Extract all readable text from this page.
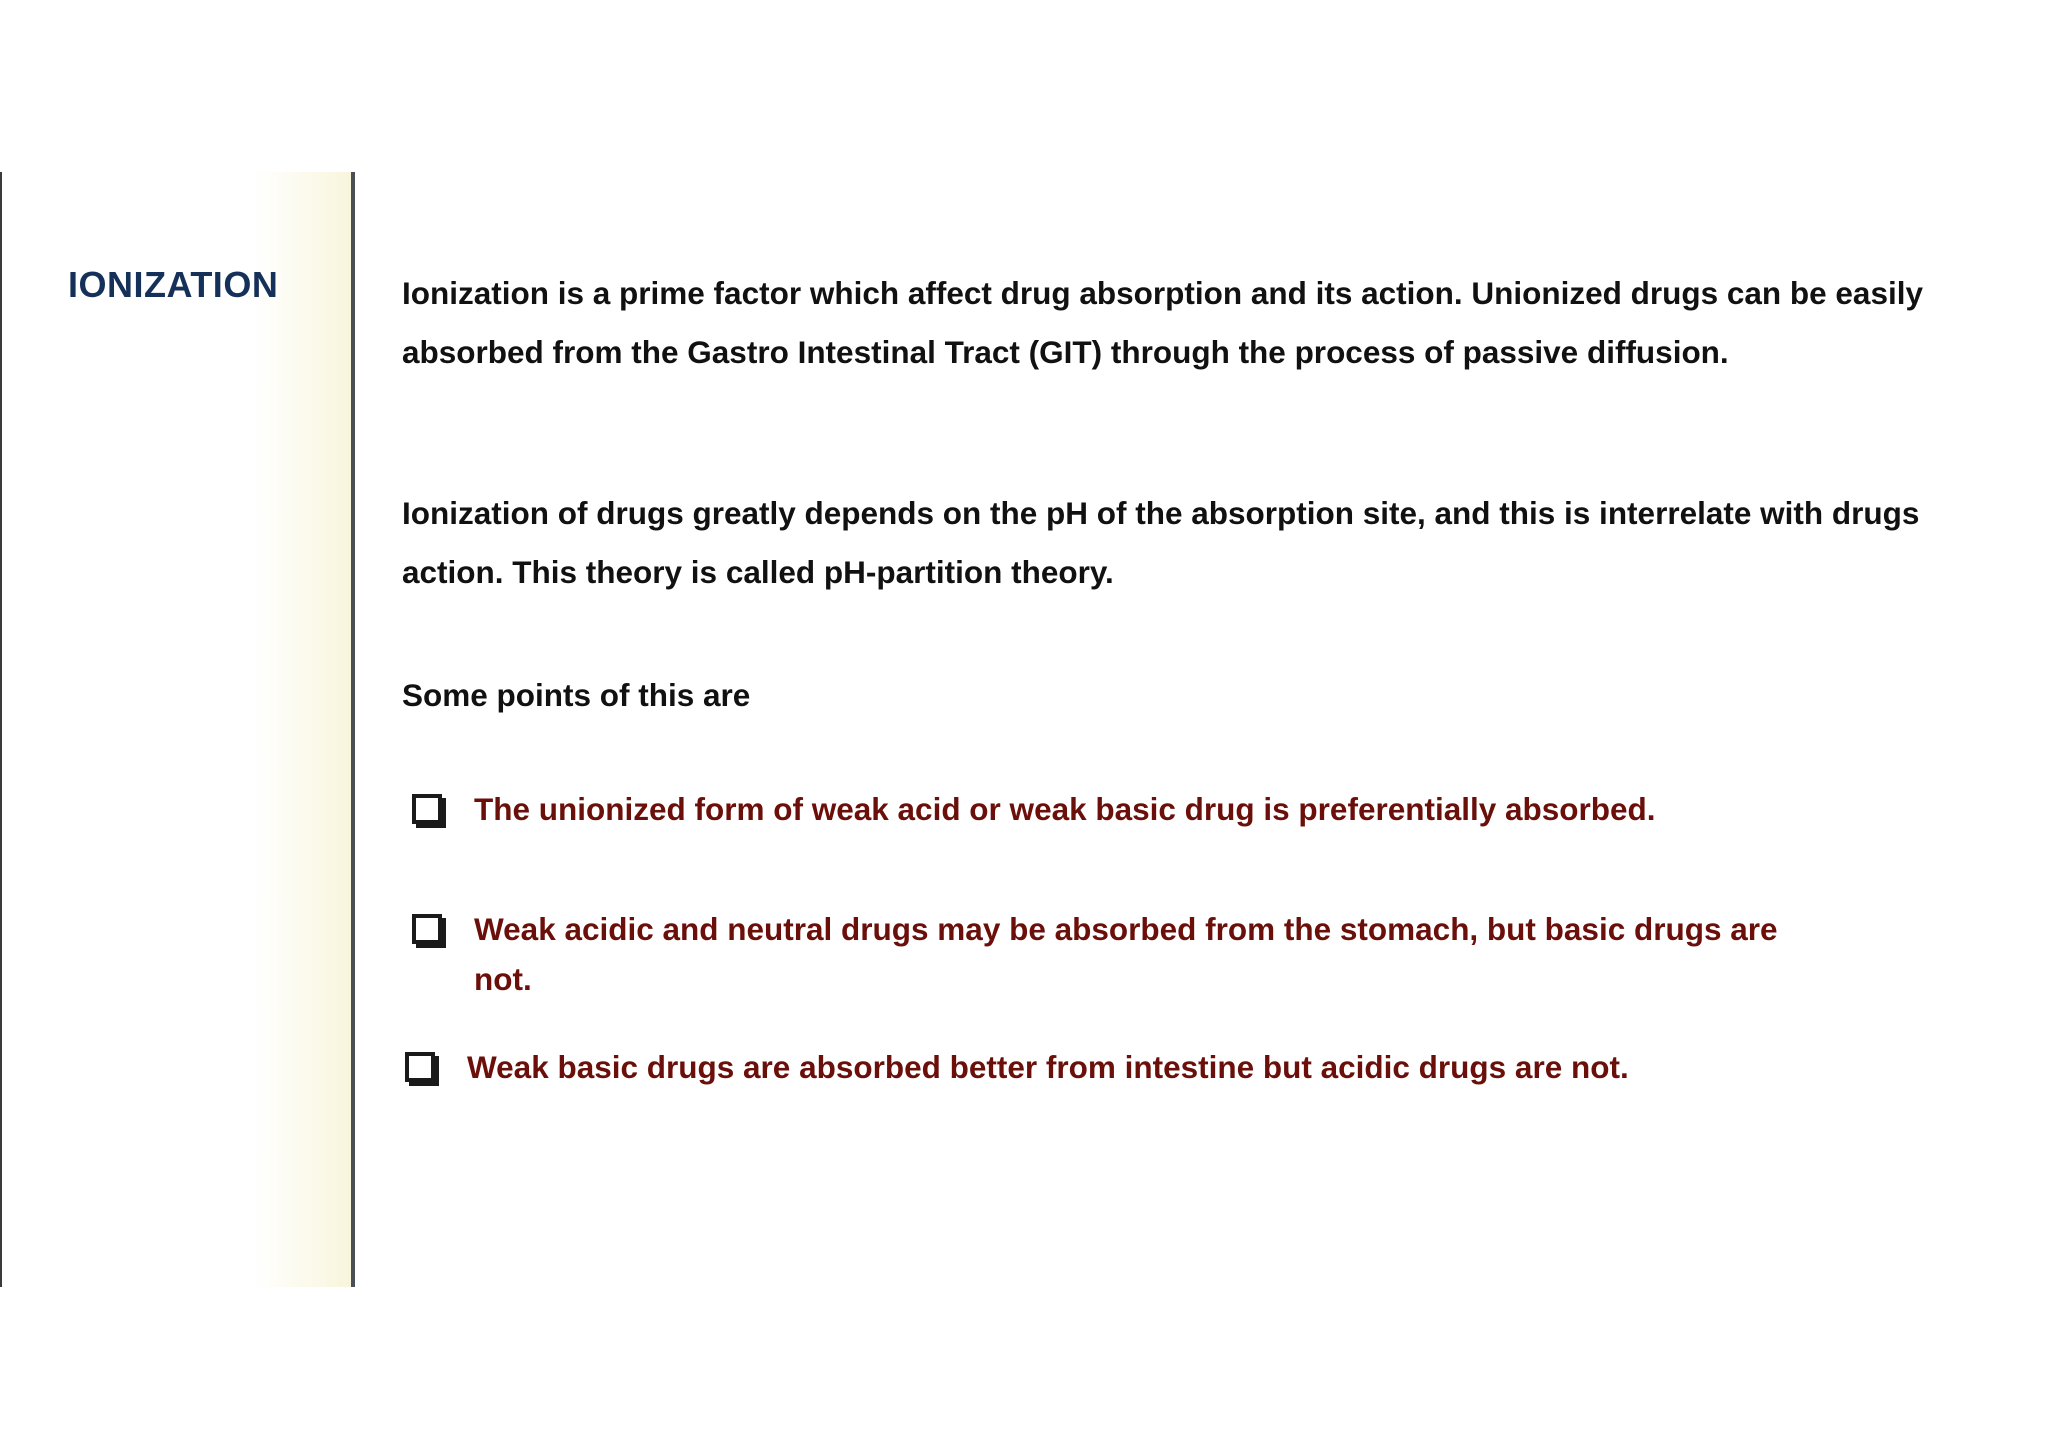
IONIZATION	Ionization is a prime factor which affect drug absorption and its action. Unionized drugs can be easily absorbed from the Gastro Intestinal Tract (GIT) through the process of passive diffusion.

Ionization of drugs greatly depends on the pH of the absorption site, and this is interrelate with drugs action. This theory is called pH-partition theory.

Some points of this are

The unionized form of weak acid or weak basic drug is preferentially absorbed.
Weak acidic and neutral drugs may be absorbed from the stomach, but basic drugs are not.
Weak basic drugs are absorbed better from intestine but acidic drugs are not.
